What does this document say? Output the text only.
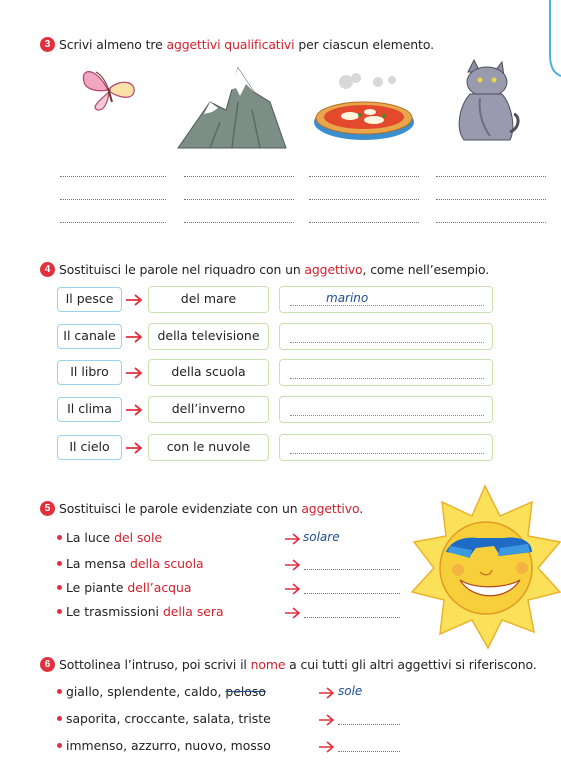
3 Scrivi almeno tre aggettivi qualificativi per ciascun elemento.
4 Sostituisci le parole nel riquadro con un aggettivo, come nell’esempio.
Il pesce	del mare	marino
Il canale	della televisione
Il libro	della scuola
Il clima	dell’inverno
Il cielo	con le nuvole
5 Sostituisci le parole evidenziate con un aggettivo.
La luce del sole	solare
La mensa della scuola
Le piante dell’acqua
Le trasmissioni della sera
6 Sottolinea l’intruso, poi scrivi il nome a cui tutti gli altri aggettivi si riferiscono.
giallo, splendente, caldo, peloso	sole
saporita, croccante, salata, triste
immenso, azzurro, nuovo, mosso
